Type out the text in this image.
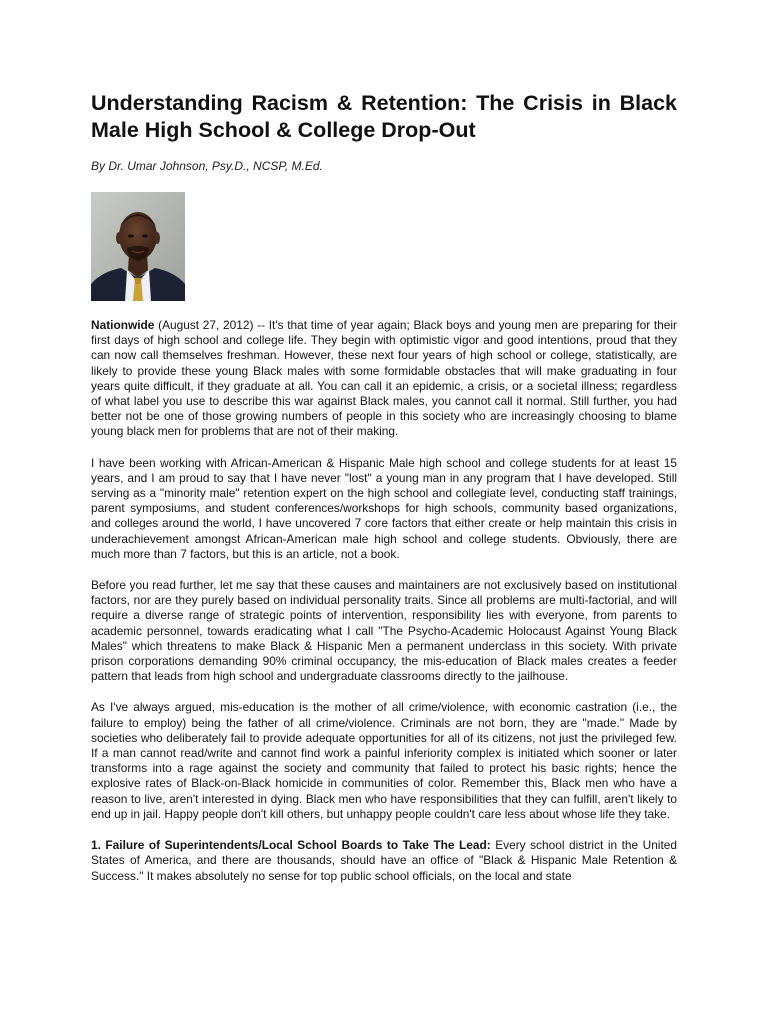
Understanding Racism & Retention: The Crisis in Black Male High School & College Drop-Out

By Dr. Umar Johnson, Psy.D., NCSP, M.Ed.

Nationwide (August 27, 2012) -- It's that time of year again; Black boys and young men are preparing for their first days of high school and college life. They begin with optimistic vigor and good intentions, proud that they can now call themselves freshman. However, these next four years of high school or college, statistically, are likely to provide these young Black males with some formidable obstacles that will make graduating in four years quite difficult, if they graduate at all. You can call it an epidemic, a crisis, or a societal illness; regardless of what label you use to describe this war against Black males, you cannot call it normal. Still further, you had better not be one of those growing numbers of people in this society who are increasingly choosing to blame young black men for problems that are not of their making.

I have been working with African-American & Hispanic Male high school and college students for at least 15 years, and I am proud to say that I have never "lost" a young man in any program that I have developed. Still serving as a "minority male" retention expert on the high school and collegiate level, conducting staff trainings, parent symposiums, and student conferences/workshops for high schools, community based organizations, and colleges around the world, I have uncovered 7 core factors that either create or help maintain this crisis in underachievement amongst African-American male high school and college students. Obviously, there are much more than 7 factors, but this is an article, not a book.

Before you read further, let me say that these causes and maintainers are not exclusively based on institutional factors, nor are they purely based on individual personality traits. Since all problems are multi-factorial, and will require a diverse range of strategic points of intervention, responsibility lies with everyone, from parents to academic personnel, towards eradicating what I call "The Psycho-Academic Holocaust Against Young Black Males" which threatens to make Black & Hispanic Men a permanent underclass in this society. With private prison corporations demanding 90% criminal occupancy, the mis-education of Black males creates a feeder pattern that leads from high school and undergraduate classrooms directly to the jailhouse.

As I've always argued, mis-education is the mother of all crime/violence, with economic castration (i.e., the failure to employ) being the father of all crime/violence. Criminals are not born, they are "made." Made by societies who deliberately fail to provide adequate opportunities for all of its citizens, not just the privileged few. If a man cannot read/write and cannot find work a painful inferiority complex is initiated which sooner or later transforms into a rage against the society and community that failed to protect his basic rights; hence the explosive rates of Black-on-Black homicide in communities of color. Remember this, Black men who have a reason to live, aren't interested in dying. Black men who have responsibilities that they can fulfill, aren't likely to end up in jail. Happy people don't kill others, but unhappy people couldn't care less about whose life they take.

1. Failure of Superintendents/Local School Boards to Take The Lead: Every school district in the United States of America, and there are thousands, should have an office of "Black & Hispanic Male Retention & Success." It makes absolutely no sense for top public school officials, on the local and state
